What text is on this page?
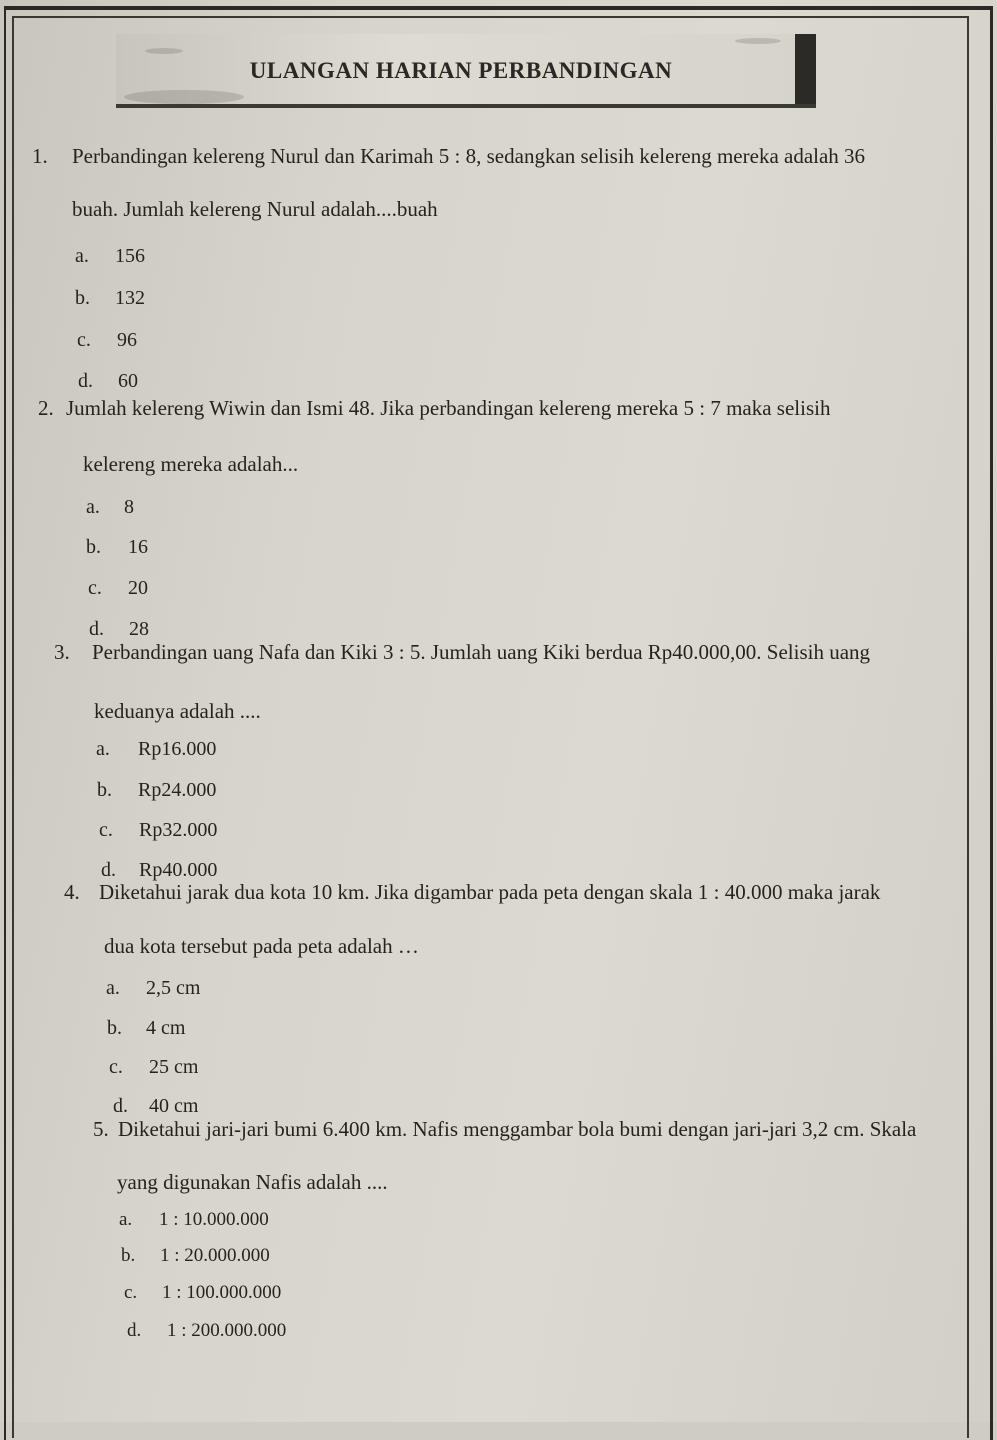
ULANGAN HARIAN PERBANDINGAN
1. Perbandingan kelereng Nurul dan Karimah 5 : 8, sedangkan selisih kelereng mereka adalah 36
buah. Jumlah kelereng Nurul adalah....buah
a. 156
b. 132
c. 96
d. 60
2. Jumlah kelereng Wiwin dan Ismi 48. Jika perbandingan kelereng mereka 5 : 7 maka selisih
kelereng mereka adalah...
a. 8
b. 16
c. 20
d. 28
3. Perbandingan uang Nafa dan Kiki 3 : 5. Jumlah uang Kiki berdua Rp40.000,00. Selisih uang
keduanya adalah ....
a. Rp16.000
b. Rp24.000
c. Rp32.000
d. Rp40.000
4. Diketahui jarak dua kota 10 km. Jika digambar pada peta dengan skala 1 : 40.000 maka jarak
dua kota tersebut pada peta adalah …
a. 2,5 cm
b. 4 cm
c. 25 cm
d. 40 cm
5. Diketahui jari-jari bumi 6.400 km. Nafis menggambar bola bumi dengan jari-jari 3,2 cm. Skala
yang digunakan Nafis adalah ....
a. 1 : 10.000.000
b. 1 : 20.000.000
c. 1 : 100.000.000
d. 1 : 200.000.000
